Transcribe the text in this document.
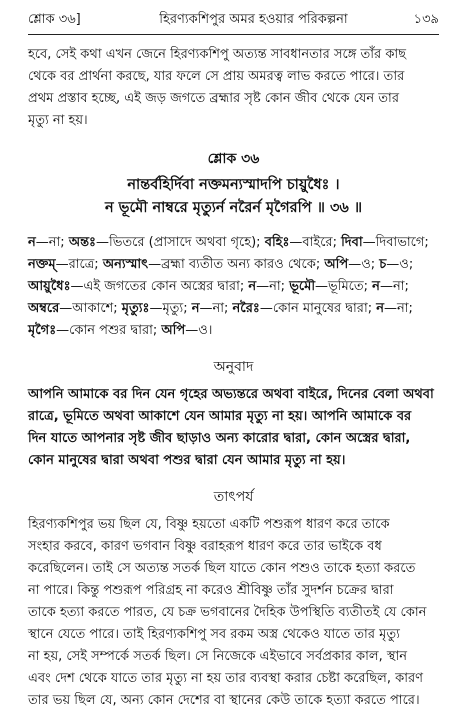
শ্লোক ৩৬]	হিরণ্যকশিপুর অমর হওয়ার পরিকল্পনা	১৩৯

হবে, সেই কথা এখন জেনে হিরণ্যকশিপু অত্যন্ত সাবধানতার সঙ্গে তাঁর কাছ

থেকে বর প্রার্থনা করছে, যার ফলে সে প্রায় অমরত্ব লাভ করতে পারে। তার

প্রথম প্রস্তাব হচ্ছে, এই জড় জগতে ব্রহ্মার সৃষ্ট কোন জীব থেকে যেন তার

মৃত্যু না হয়।

শ্লোক ৩৬

নান্তর্বহির্দিবা নক্তমন্যস্মাদপি চায়ুধৈঃ ।

ন ভূমৌ নাম্বরে মৃত্যুর্ন নরৈর্ন মৃগৈরপি ॥ ৩৬ ॥

ন—না; অন্তঃ—ভিতরে (প্রাসাদে অথবা গৃহে); বহিঃ—বাইরে; দিবা—দিবাভাগে;

নক্তম্—রাত্রে; অন্যস্মাৎ—ব্রহ্মা ব্যতীত অন্য কারও থেকে; অপি—ও; চ—ও;

আয়ুধৈঃ—এই জগতের কোন অস্ত্রের দ্বারা; ন—না; ভূমৌ—ভূমিতে; ন—না;

অম্বরে—আকাশে; মৃত্যুঃ—মৃত্যু; ন—না; নরৈঃ—কোন মানুষের দ্বারা; ন—না;

মৃগৈঃ—কোন পশুর দ্বারা; অপি—ও।

অনুবাদ

আপনি আমাকে বর দিন যেন গৃহের অভ্যন্তরে অথবা বাইরে, দিনের বেলা অথবা

রাত্রে, ভূমিতে অথবা আকাশে যেন আমার মৃত্যু না হয়। আপনি আমাকে বর

দিন যাতে আপনার সৃষ্ট জীব ছাড়াও অন্য কারোর দ্বারা, কোন অস্ত্রের দ্বারা,

কোন মানুষের দ্বারা অথবা পশুর দ্বারা যেন আমার মৃত্যু না হয়।

তাৎপর্য

হিরণ্যকশিপুর ভয় ছিল যে, বিষ্ণু হয়তো একটি পশুরূপ ধারণ করে তাকে

সংহার করবে, কারণ ভগবান বিষ্ণু বরাহরূপ ধারণ করে তার ভাইকে বধ

করেছিলেন। তাই সে অত্যন্ত সতর্ক ছিল যাতে কোন পশুও তাকে হত্যা করতে

না পারে। কিন্তু পশুরূপ পরিগ্রহ না করেও শ্রীবিষ্ণু তাঁর সুদর্শন চক্রের দ্বারা

তাকে হত্যা করতে পারত, যে চক্র ভগবানের দৈহিক উপস্থিতি ব্যতীতই যে কোন

স্থানে যেতে পারে। তাই হিরণ্যকশিপু সব রকম অস্ত্র থেকেও যাতে তার মৃত্যু

না হয়, সেই সম্পর্কে সতর্ক ছিল। সে নিজেকে এইভাবে সর্বপ্রকার কাল, স্থান

এবং দেশ থেকে যাতে তার মৃত্যু না হয় তার ব্যবস্থা করার চেষ্টা করেছিল, কারণ

তার ভয় ছিল যে, অন্য কোন দেশের বা স্থানের কেউ তাকে হত্যা করতে পারে।
